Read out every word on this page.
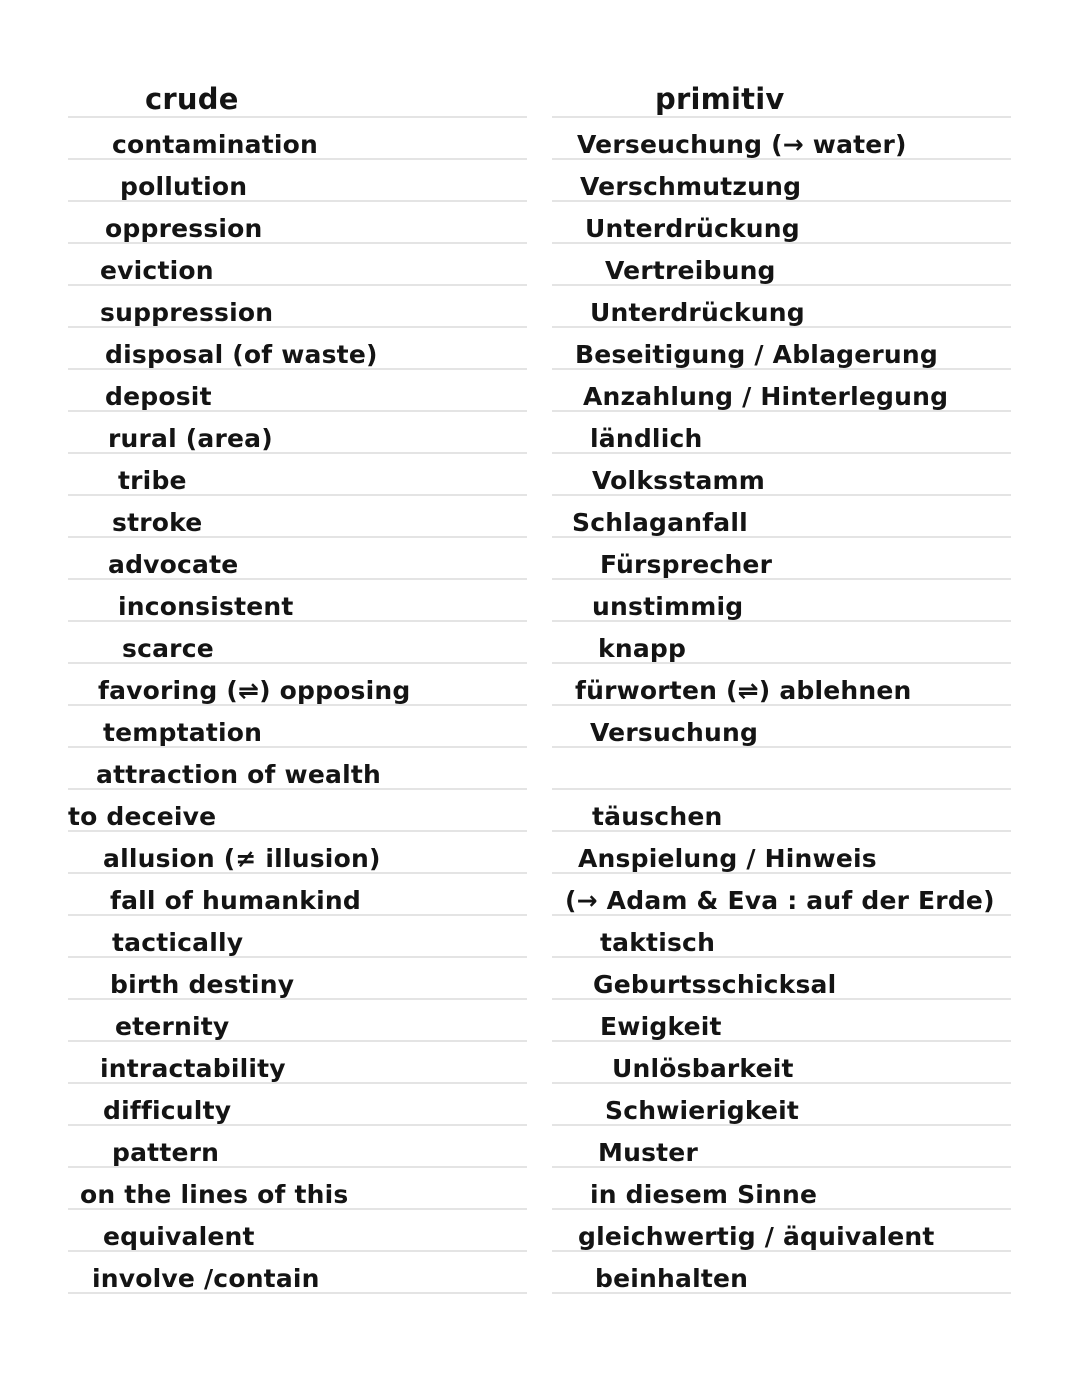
crude	primitiv
contamination	Verseuchung (→ water)
pollution	Verschmutzung
oppression	Unterdrückung
eviction	Vertreibung
suppression	Unterdrückung
disposal (of waste)	Beseitigung / Ablagerung
deposit	Anzahlung / Hinterlegung
rural (area)	ländlich
tribe	Volksstamm
stroke	Schlaganfall
advocate	Fürsprecher
inconsistent	unstimmig
scarce	knapp
favoring (⇌) opposing	fürworten (⇌) ablehnen
temptation	Versuchung
attraction of wealth
to deceive	täuschen
allusion (≠ illusion)	Anspielung / Hinweis
fall of humankind	(→ Adam & Eva : auf der Erde)
tactically	taktisch
birth destiny	Geburtsschicksal
eternity	Ewigkeit
intractability	Unlösbarkeit
difficulty	Schwierigkeit
pattern	Muster
on the lines of this	in diesem Sinne
equivalent	gleichwertig / äquivalent
involve /contain	beinhalten
